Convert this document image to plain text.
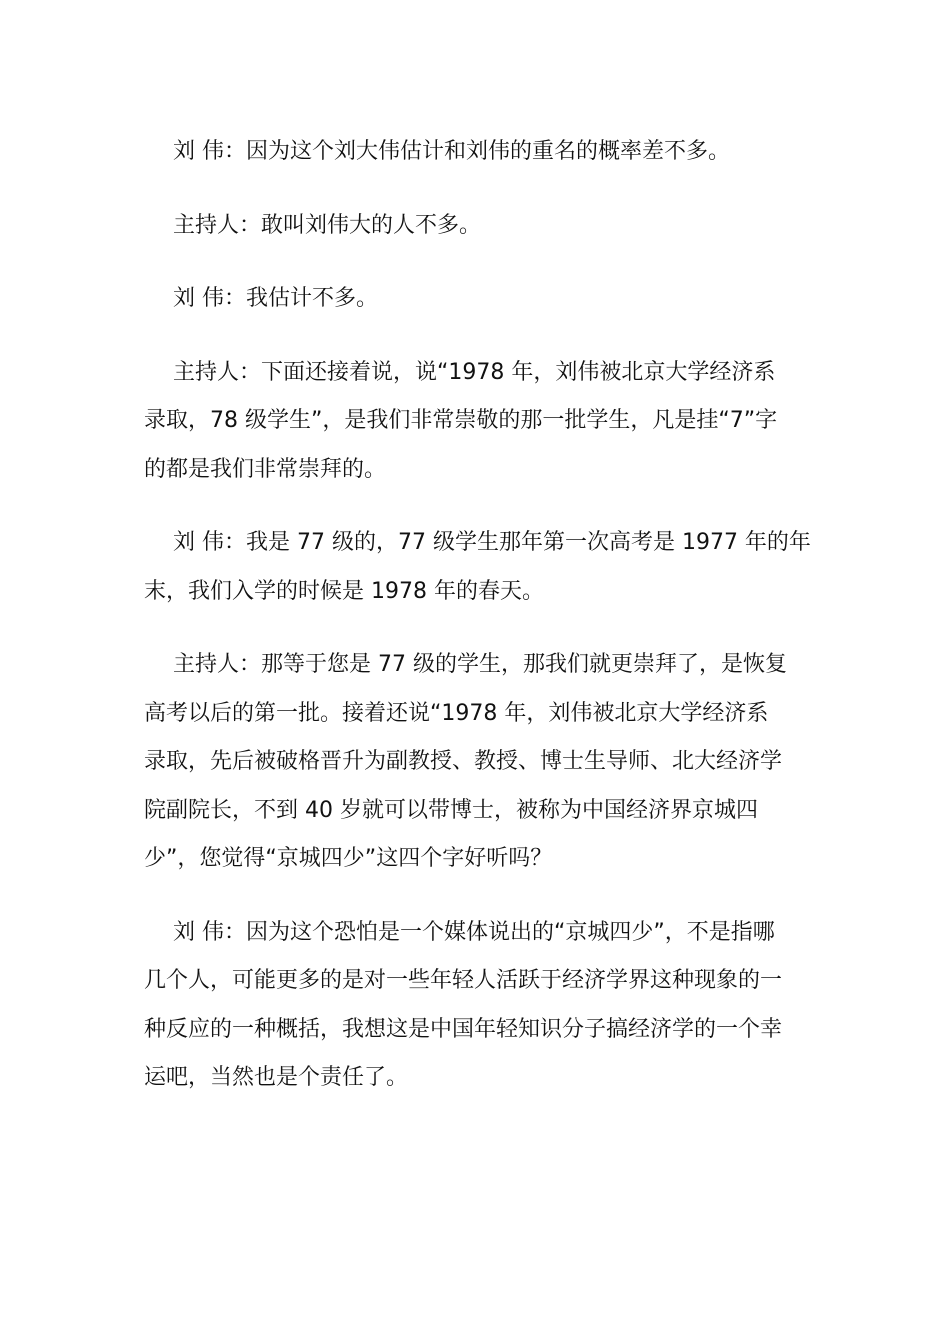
刘 伟：因为这个刘大伟估计和刘伟的重名的概率差不多。
主持人：敢叫刘伟大的人不多。
刘 伟：我估计不多。
主持人：下面还接着说，说“1978 年，刘伟被北京大学经济系
录取，78 级学生”，是我们非常崇敬的那一批学生，凡是挂“7”字
的都是我们非常崇拜的。
刘 伟：我是 77 级的，77 级学生那年第一次高考是 1977 年的年
末，我们入学的时候是 1978 年的春天。
主持人：那等于您是 77 级的学生，那我们就更崇拜了，是恢复
高考以后的第一批。接着还说“1978 年，刘伟被北京大学经济系
录取，先后被破格晋升为副教授、教授、博士生导师、北大经济学
院副院长，不到 40 岁就可以带博士，被称为中国经济界京城四
少”，您觉得“京城四少”这四个字好听吗？
刘 伟：因为这个恐怕是一个媒体说出的“京城四少”，不是指哪
几个人，可能更多的是对一些年轻人活跃于经济学界这种现象的一
种反应的一种概括，我想这是中国年轻知识分子搞经济学的一个幸
运吧，当然也是个责任了。
